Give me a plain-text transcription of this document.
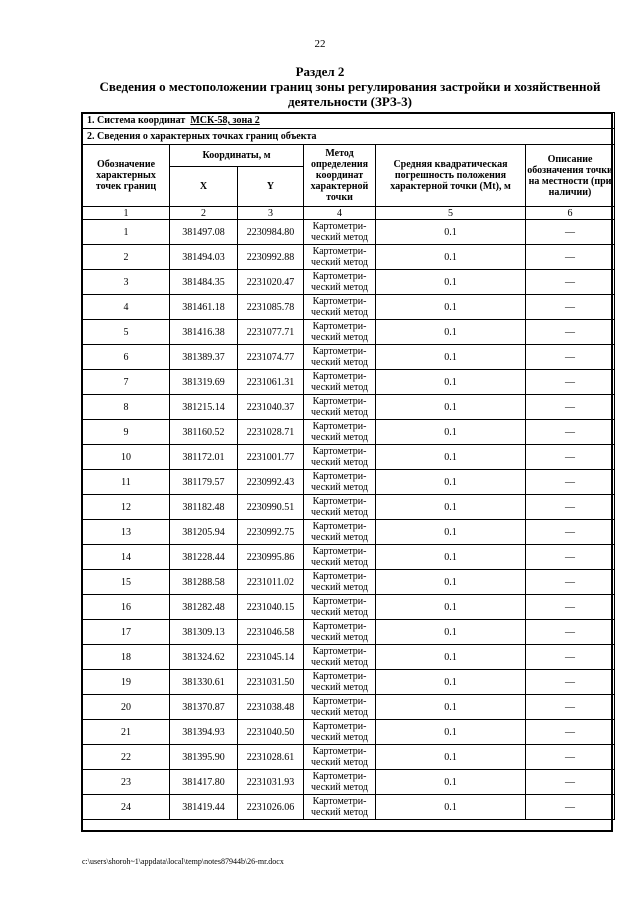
22
Раздел 2
Сведения о местоположении границ зоны регулирования застройки и хозяйственной деятельности (ЗРЗ-3)
1. Система координат МСК-58, зона 2					
2. Сведения о характерных точках границ объекта					
Обозначение характерных точек границ	Координаты, м		Метод определения координат характерной точки	Средняя квадратическая погрешность положения характерной точки (Mt), м	Описание обозначения точки на местности (при наличии)
	X	Y			
1	2	3	4	5	6
1	381497.08	2230984.80	Картометри-ческий метод	0.1	—
2	381494.03	2230992.88	Картометри-ческий метод	0.1	—
3	381484.35	2231020.47	Картометри-ческий метод	0.1	—
4	381461.18	2231085.78	Картометри-ческий метод	0.1	—
5	381416.38	2231077.71	Картометри-ческий метод	0.1	—
6	381389.37	2231074.77	Картометри-ческий метод	0.1	—
7	381319.69	2231061.31	Картометри-ческий метод	0.1	—
8	381215.14	2231040.37	Картометри-ческий метод	0.1	—
9	381160.52	2231028.71	Картометри-ческий метод	0.1	—
10	381172.01	2231001.77	Картометри-ческий метод	0.1	—
11	381179.57	2230992.43	Картометри-ческий метод	0.1	—
12	381182.48	2230990.51	Картометри-ческий метод	0.1	—
13	381205.94	2230992.75	Картометри-ческий метод	0.1	—
14	381228.44	2230995.86	Картометри-ческий метод	0.1	—
15	381288.58	2231011.02	Картометри-ческий метод	0.1	—
16	381282.48	2231040.15	Картометри-ческий метод	0.1	—
17	381309.13	2231046.58	Картометри-ческий метод	0.1	—
18	381324.62	2231045.14	Картометри-ческий метод	0.1	—
19	381330.61	2231031.50	Картометри-ческий метод	0.1	—
20	381370.87	2231038.48	Картометри-ческий метод	0.1	—
21	381394.93	2231040.50	Картометри-ческий метод	0.1	—
22	381395.90	2231028.61	Картометри-ческий метод	0.1	—
23	381417.80	2231031.93	Картометри-ческий метод	0.1	—
24	381419.44	2231026.06	Картометри-ческий метод	0.1	—
c:\users\shoroh~1\appdata\local\temp\notes87944b\26-mr.docx
